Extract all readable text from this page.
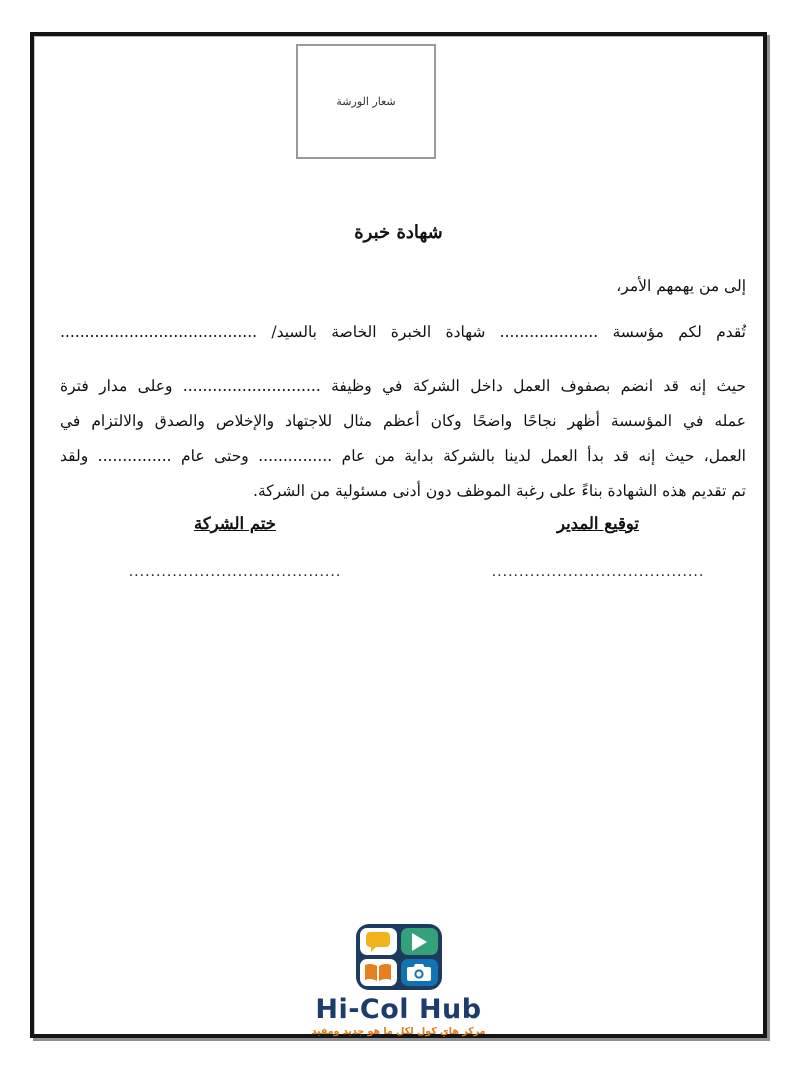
شعار الورشة
شهادة خبرة
إلى من يهمهم الأمر،
تُقدم لكم مؤسسة .................... شهادة الخبرة الخاصة بالسيد/ ........................................
حيث إنه قد انضم بصفوف العمل داخل الشركة في وظيفة ............................ وعلى مدار فترة
عمله في المؤسسة أظهر نجاحًا واضحًا وكان أعظم مثال للاجتهاد والإخلاص والصدق والالتزام في
العمل، حيث إنه قد بدأ العمل لدينا بالشركة بداية من عام ............... وحتى عام ............... ولقد
تم تقديم هذه الشهادة بناءً على رغبة الموظف دون أدنى مسئولية من الشركة.
ختم الشركة	توقيع المدير
.......................................	.......................................
Hi-Col Hub
مركز هاي كول لكل ما هو جديد ومفيد
